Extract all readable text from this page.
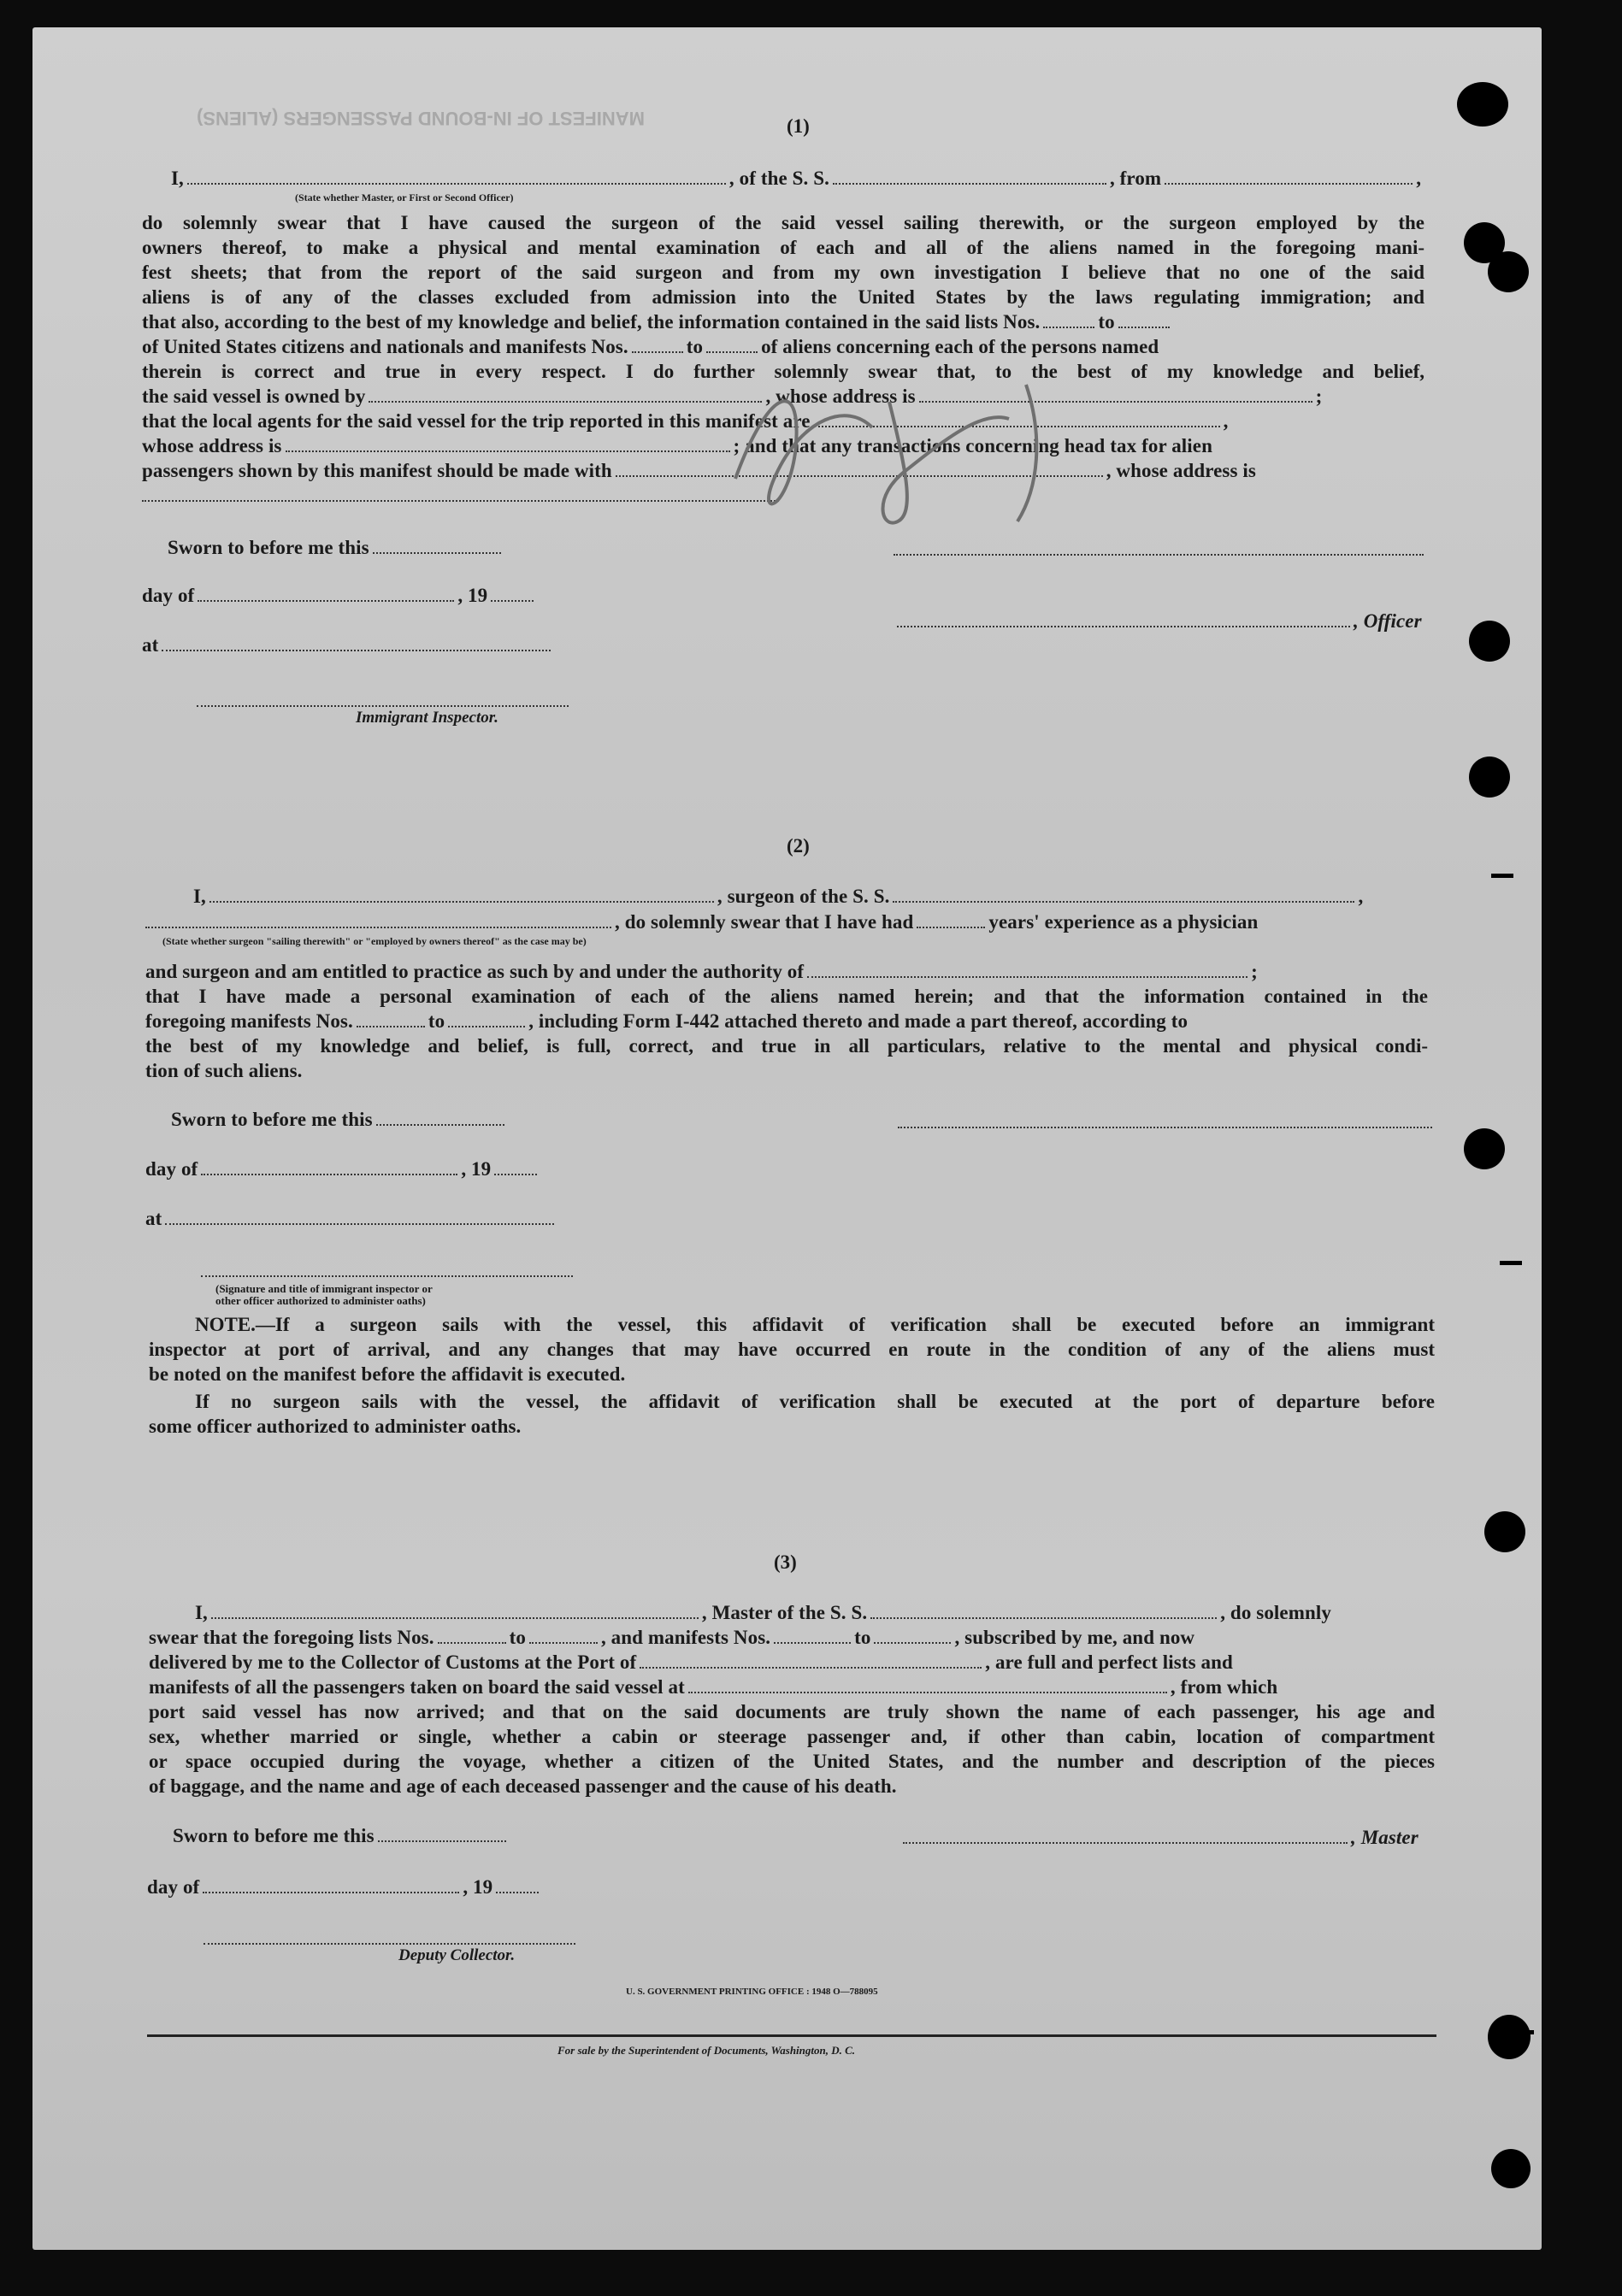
MANIFEST OF IN-BOUND PASSENGERS (ALIENS)	(1)
I,	, of the S. S.	, from	,
(State whether Master, or First or Second Officer)
do solemnly swear that I have caused the surgeon of the said vessel sailing therewith, or the surgeon employed by the
owners thereof, to make a physical and mental examination of each and all of the aliens named in the foregoing mani-
fest sheets; that from the report of the said surgeon and from my own investigation I believe that no one of the said
aliens is of any of the classes excluded from admission into the United States by the laws regulating immigration; and
that also, according to the best of my knowledge and belief, the information contained in the said lists Nos.	to
of United States citizens and nationals and manifests Nos.	to	of aliens concerning each of the persons named
therein is correct and true in every respect. I do further solemnly swear that, to the best of my knowledge and belief,
the said vessel is owned by	, whose address is	;
that the local agents for the said vessel for the trip reported in this manifest are	,
whose address is	; and that any transactions concerning head tax for alien
passengers shown by this manifest should be made with	, whose address is
Sworn to before me this
day of	, 19
, Officer
at
Immigrant Inspector.
(2)
I,	, surgeon of the S. S.	,
, do solemnly swear that I have had	years' experience as a physician
(State whether surgeon "sailing therewith" or "employed by owners thereof" as the case may be)
and surgeon and am entitled to practice as such by and under the authority of	;
that I have made a personal examination of each of the aliens named herein; and that the information contained in the
foregoing manifests Nos.	to	, including Form I-442 attached thereto and made a part thereof, according to
the best of my knowledge and belief, is full, correct, and true in all particulars, relative to the mental and physical condi-
tion of such aliens.
Sworn to before me this
day of	, 19
at
(Signature and title of immigrant inspector or
other officer authorized to administer oaths)
NOTE.—If a surgeon sails with the vessel, this affidavit of verification shall be executed before an immigrant
inspector at port of arrival, and any changes that may have occurred en route in the condition of any of the aliens must
be noted on the manifest before the affidavit is executed.
If no surgeon sails with the vessel, the affidavit of verification shall be executed at the port of departure before
some officer authorized to administer oaths.
(3)
I,	, Master of the S. S.	, do solemnly
swear that the foregoing lists Nos.	to	, and manifests Nos.	to	, subscribed by me, and now
delivered by me to the Collector of Customs at the Port of	, are full and perfect lists and
manifests of all the passengers taken on board the said vessel at	, from which
port said vessel has now arrived; and that on the said documents are truly shown the name of each passenger, his age and
sex, whether married or single, whether a cabin or steerage passenger and, if other than cabin, location of compartment
or space occupied during the voyage, whether a citizen of the United States, and the number and description of the pieces
of baggage, and the name and age of each deceased passenger and the cause of his death.
Sworn to before me this	, Master
day of	, 19
Deputy Collector.
U. S. GOVERNMENT PRINTING OFFICE : 1948 O—788095
For sale by the Superintendent of Documents, Washington, D. C.
